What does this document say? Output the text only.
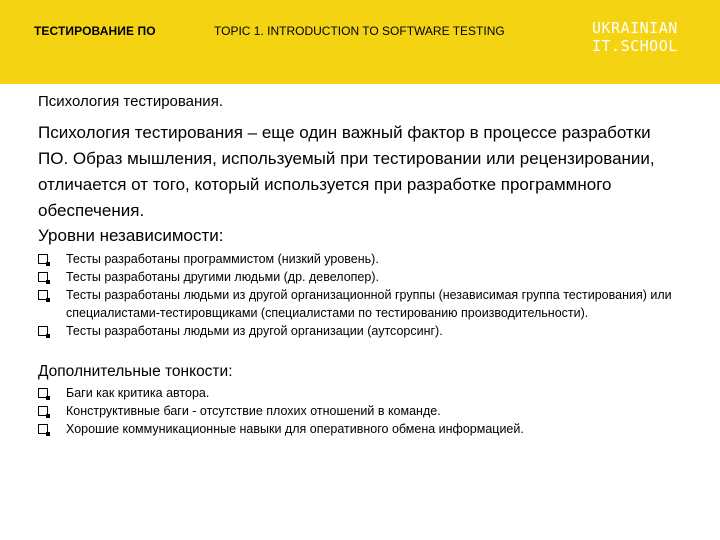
ТЕСТИРОВАНИЕ ПО	TOPIC 1. INTRODUCTION TO SOFTWARE TESTING	UKRAINIAN
IT.SCHOOL

Психология тестирования.

Психология тестирования – еще один важный фактор в процессе разработки ПО. Образ мышления, используемый при тестировании или рецензировании, отличается от того, который используется при разработке программного обеспечения.

Уровни независимости:

Тесты разработаны программистом (низкий уровень).
Тесты разработаны другими людьми (др. девелопер).
Тесты разработаны людьми из другой организационной группы (независимая группа тестирования) или специалистами-тестировщиками (специалистами по тестированию производительности).
Тесты разработаны людьми из другой организации (аутсорсинг).

Дополнительные тонкости:

Баги как критика автора.
Конструктивные баги - отсутствие плохих отношений в команде.
Хорошие коммуникационные навыки для оперативного обмена информацией.
